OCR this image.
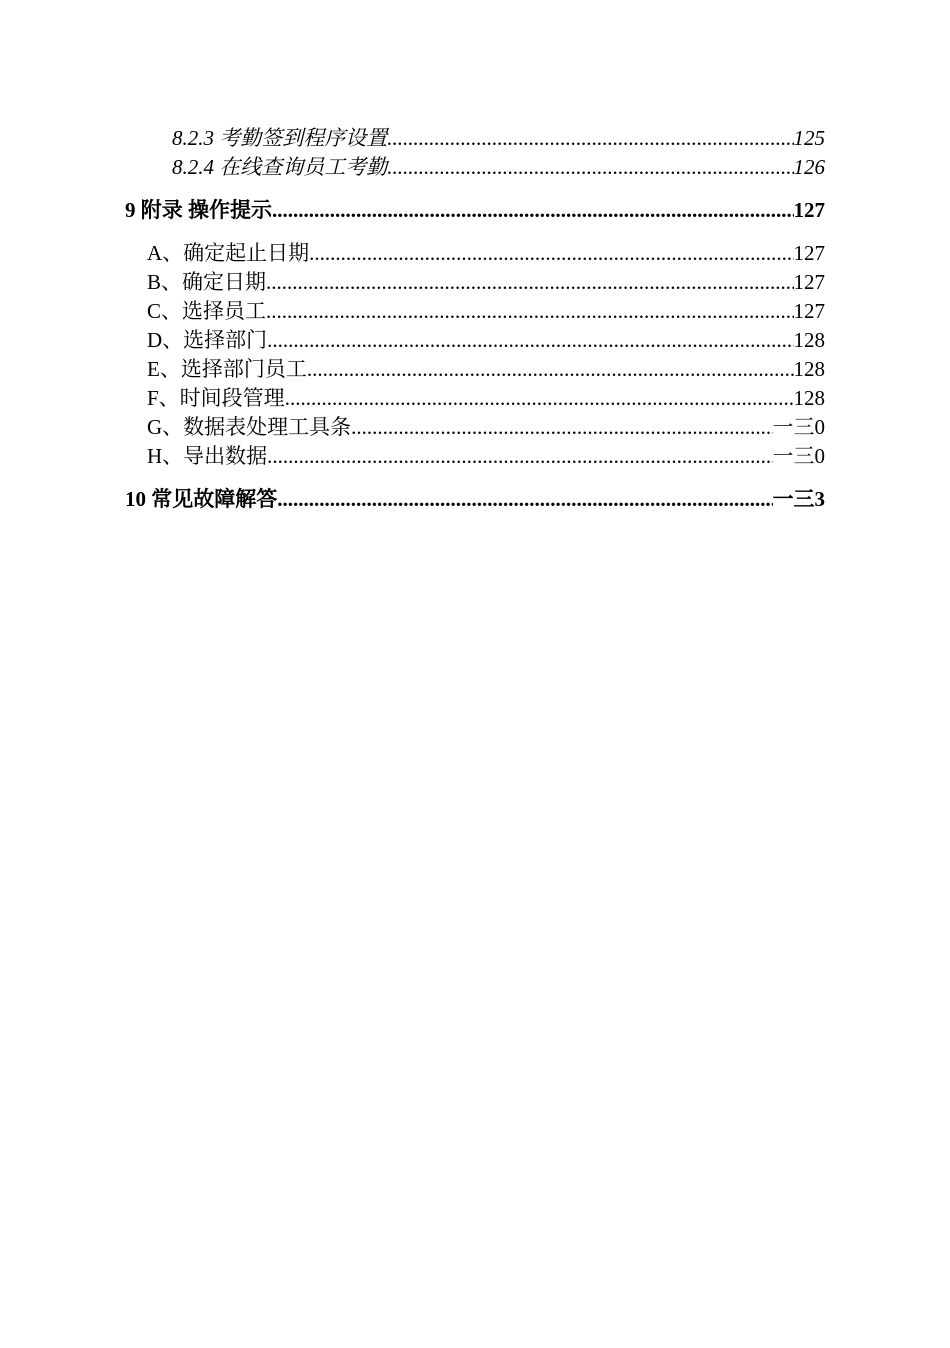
8.2.3 考勤签到程序设置 .....	125
8.2.4 在线查询员工考勤 .....	126
9 附录 操作提示 .....	127
A、确定起止日期 .....	127
B、确定日期 .....	127
C、选择员工 .....	127
D、选择部门 .....	128
E、选择部门员工 .....	128
F、时间段管理 .....	128
G、数据表处理工具条 .....	一三0
H、导出数据 .....	一三0
10 常见故障解答 .....	一三3
